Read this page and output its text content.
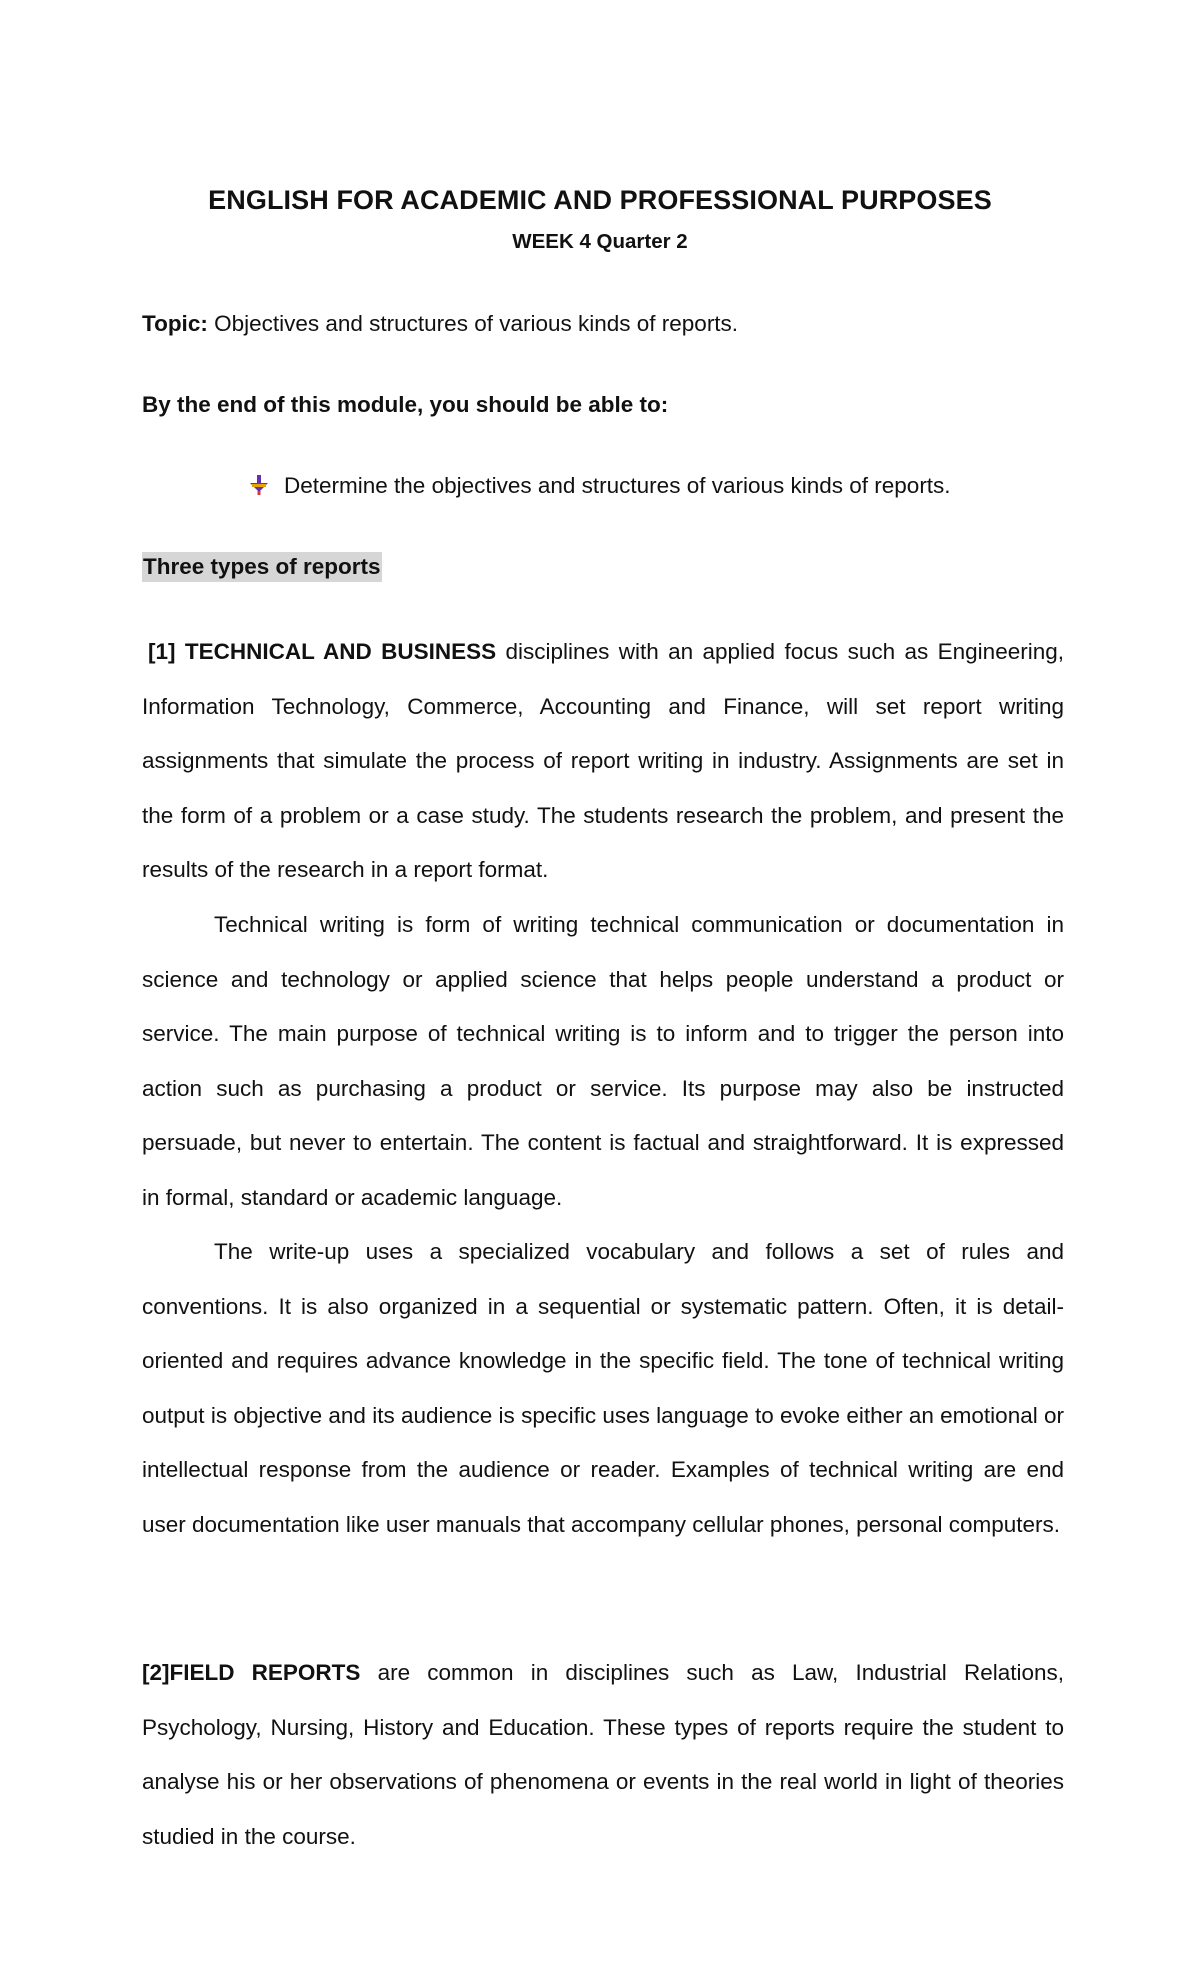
ENGLISH FOR ACADEMIC AND PROFESSIONAL PURPOSES
WEEK 4 Quarter 2
Topic: Objectives and structures of various kinds of reports.
By the end of this module, you should be able to:
Determine the objectives and structures of various kinds of reports.
Three types of reports

[1] TECHNICAL AND BUSINESS disciplines with an applied focus such as Engineering, Information Technology, Commerce, Accounting and Finance, will set report writing assignments that simulate the process of report writing in industry. Assignments are set in the form of a problem or a case study. The students research the problem, and present the results of the research in a report format.

Technical writing is form of writing technical communication or documentation in science and technology or applied science that helps people understand a product or service. The main purpose of technical writing is to inform and to trigger the person into action such as purchasing a product or service. Its purpose may also be instructed persuade, but never to entertain. The content is factual and straightforward. It is expressed in formal, standard or academic language.

The write-up uses a specialized vocabulary and follows a set of rules and conventions. It is also organized in a sequential or systematic pattern. Often, it is detail-oriented and requires advance knowledge in the specific field. The tone of technical writing output is objective and its audience is specific uses language to evoke either an emotional or intellectual response from the audience or reader. Examples of technical writing are end user documentation like user manuals that accompany cellular phones, personal computers.

[2]FIELD REPORTS are common in disciplines such as Law, Industrial Relations, Psychology, Nursing, History and Education. These types of reports require the student to analyse his or her observations of phenomena or events in the real world in light of theories studied in the course.
